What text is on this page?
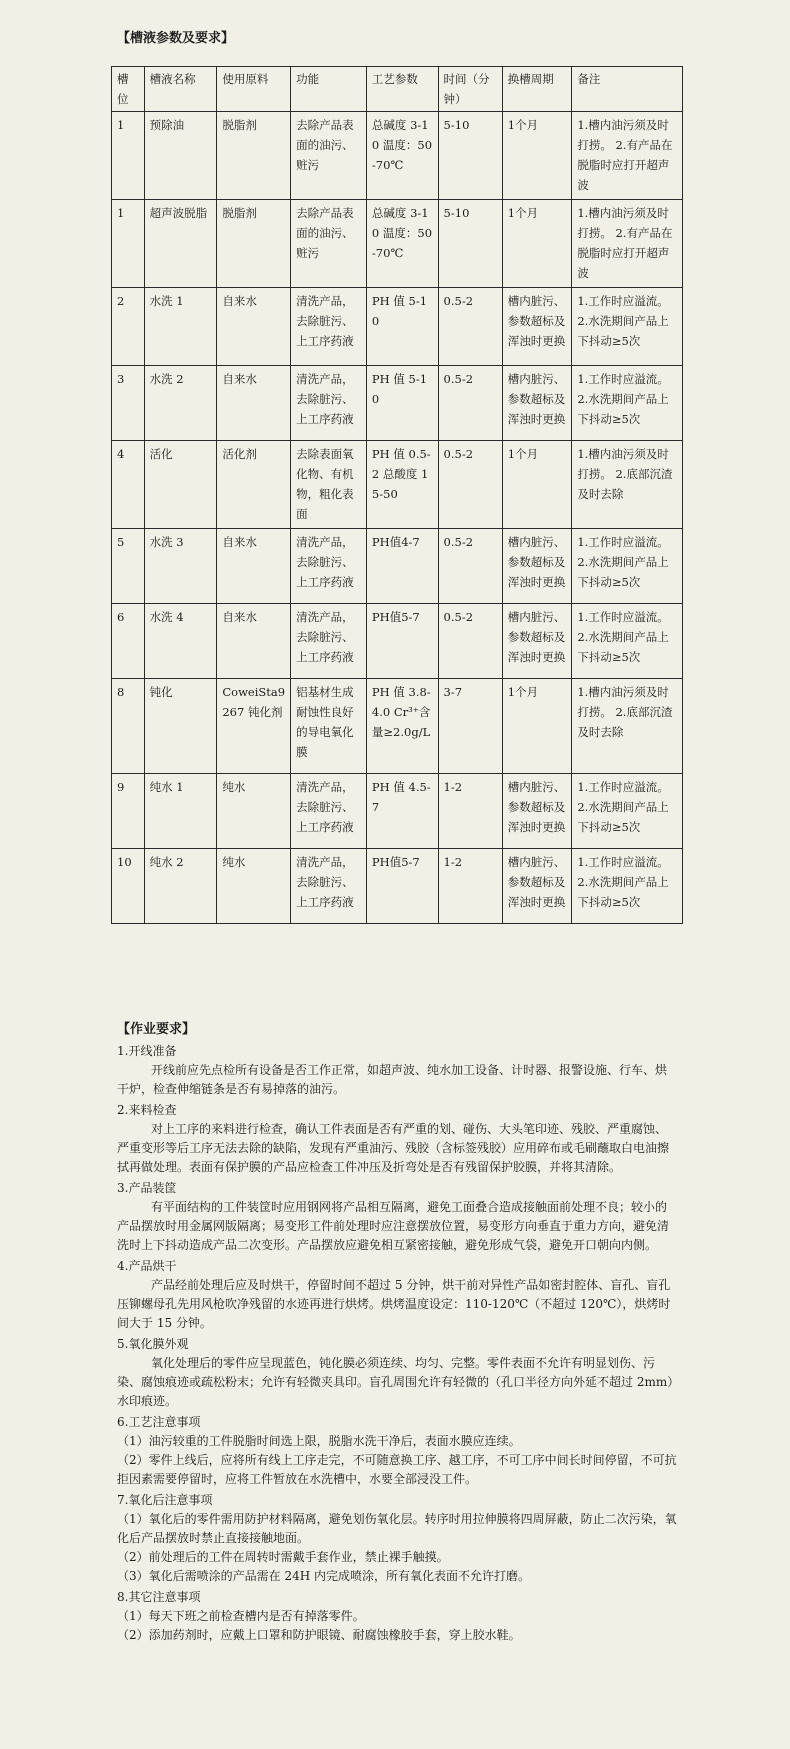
【槽液参数及要求】
槽位	槽液名称	使用原料	功能	工艺参数	时间（分钟）	换槽周期	备注
1	预除油	脱脂剂	去除产品表面的油污、赃污	总碱度 3-10 温度：50-70℃	5-10	1个月	1.槽内油污须及时打捞。 2.有产品在脱脂时应打开超声波
1	超声波脱脂	脱脂剂	去除产品表面的油污、赃污	总碱度 3-10 温度：50-70℃	5-10	1个月	1.槽内油污须及时打捞。 2.有产品在脱脂时应打开超声波
2	水洗 1	自来水	清洗产品，去除脏污、上工序药液	PH 值 5-10	0.5-2	槽内脏污、参数超标及浑浊时更换	1.工作时应溢流。 2.水洗期间产品上下抖动≥5次
3	水洗 2	自来水	清洗产品，去除脏污、上工序药液	PH 值 5-10	0.5-2	槽内脏污、参数超标及浑浊时更换	1.工作时应溢流。 2.水洗期间产品上下抖动≥5次
4	活化	活化剂	去除表面氧化物、有机物，粗化表面	PH 值 0.5-2 总酸度 15-50	0.5-2	1个月	1.槽内油污须及时打捞。 2.底部沉渣及时去除
5	水洗 3	自来水	清洗产品，去除脏污、上工序药液	PH值4-7	0.5-2	槽内脏污、参数超标及浑浊时更换	1.工作时应溢流。 2.水洗期间产品上下抖动≥5次
6	水洗 4	自来水	清洗产品，去除脏污、上工序药液	PH值5-7	0.5-2	槽内脏污、参数超标及浑浊时更换	1.工作时应溢流。 2.水洗期间产品上下抖动≥5次
8	钝化	CoweiSta9267 钝化剂	铝基材生成耐蚀性良好的导电氧化膜	PH 值 3.8-4.0 Cr³⁺含量≥2.0g/L	3-7	1个月	1.槽内油污须及时打捞。 2.底部沉渣及时去除
9	纯水 1	纯水	清洗产品，去除脏污、上工序药液	PH 值 4.5-7	1-2	槽内脏污、参数超标及浑浊时更换	1.工作时应溢流。 2.水洗期间产品上下抖动≥5次
10	纯水 2	纯水	清洗产品，去除脏污、上工序药液	PH值5-7	1-2	槽内脏污、参数超标及浑浊时更换	1.工作时应溢流。 2.水洗期间产品上下抖动≥5次
【作业要求】
1.开线准备
开线前应先点检所有设备是否工作正常，如超声波、纯水加工设备、计时器、报警设施、行车、烘干炉，检查伸缩链条是否有易掉落的油污。
2.来料检查
对上工序的来料进行检查，确认工件表面是否有严重的划、碰伤、大头笔印迹、残胶、严重腐蚀、严重变形等后工序无法去除的缺陷，发现有严重油污、残胶（含标签残胶）应用碎布或毛刷蘸取白电油擦拭再做处理。表面有保护膜的产品应检查工件冲压及折弯处是否有残留保护胶膜，并将其清除。
3.产品装筐
有平面结构的工件装筐时应用钢网将产品相互隔离，避免工面叠合造成接触面前处理不良；较小的产品摆放时用金属网版隔离；易变形工件前处理时应注意摆放位置，易变形方向垂直于重力方向，避免清洗时上下抖动造成产品二次变形。产品摆放应避免相互紧密接触，避免形成气袋，避免开口朝向内侧。
4.产品烘干
产品经前处理后应及时烘干，停留时间不超过 5 分钟，烘干前对异性产品如密封腔体、盲孔、盲孔压铆螺母孔先用风枪吹净残留的水迹再进行烘烤。烘烤温度设定：110-120℃（不超过 120℃），烘烤时间大于 15 分钟。
5.氧化膜外观
氧化处理后的零件应呈现蓝色，钝化膜必须连续、均匀、完整。零件表面不允许有明显划伤、污染、腐蚀痕迹或疏松粉末；允许有轻微夹具印。盲孔周围允许有轻微的（孔口半径方向外延不超过 2mm）水印痕迹。
6.工艺注意事项
（1）油污较重的工件脱脂时间选上限，脱脂水洗干净后，表面水膜应连续。
（2）零件上线后，应将所有线上工序走完，不可随意换工序、越工序，不可工序中间长时间停留，不可抗拒因素需要停留时，应将工件暂放在水洗槽中，水要全部浸没工件。
7.氧化后注意事项
（1）氧化后的零件需用防护材料隔离，避免划伤氧化层。转序时用拉伸膜将四周屏蔽，防止二次污染，氧化后产品摆放时禁止直接接触地面。
（2）前处理后的工件在周转时需戴手套作业，禁止裸手触摸。
（3）氧化后需喷涂的产品需在 24H 内完成喷涂，所有氧化表面不允许打磨。
8.其它注意事项
（1）每天下班之前检查槽内是否有掉落零件。
（2）添加药剂时，应戴上口罩和防护眼镜、耐腐蚀橡胶手套，穿上胶水鞋。
